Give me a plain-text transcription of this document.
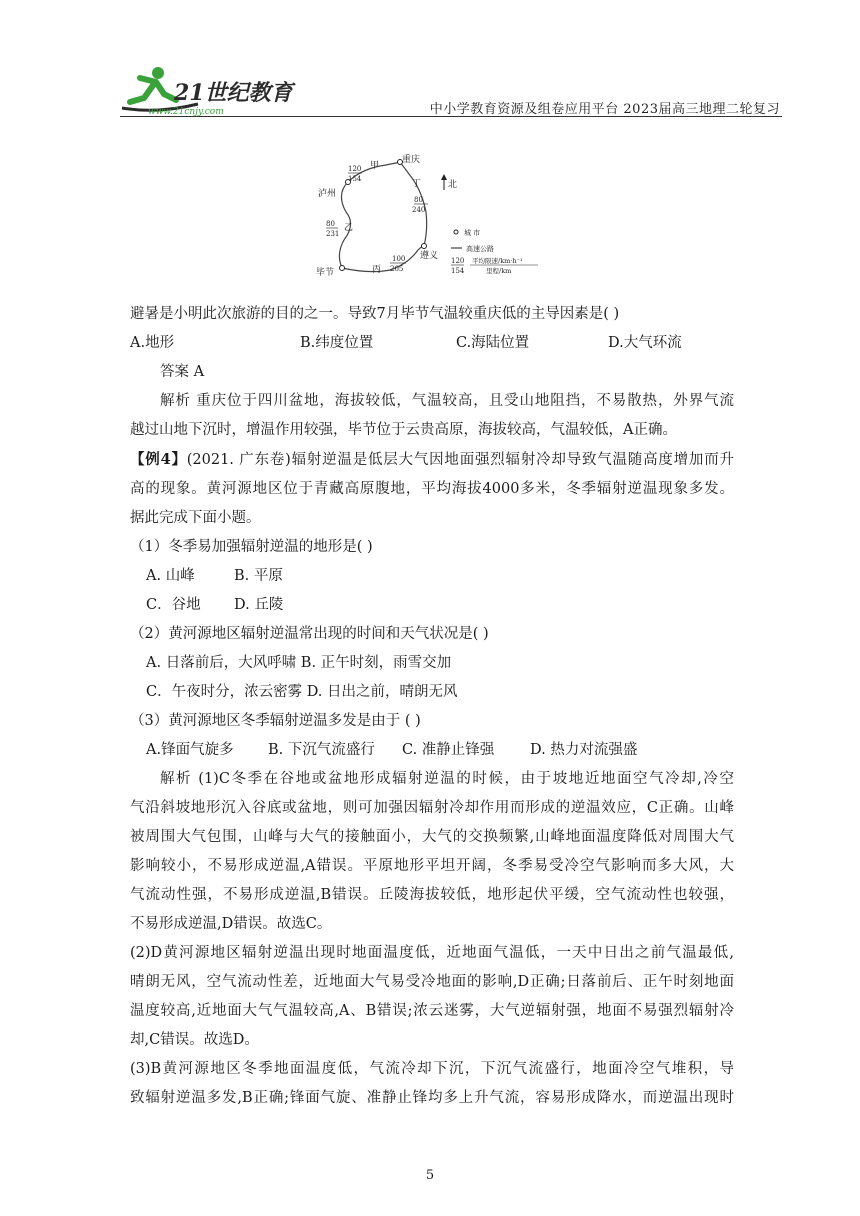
21世纪教育
www.21cnjy.com	中小学教育资源及组卷应用平台 2023届高三地理二轮复习
重庆
泸州
遵义
毕节
甲
丁
乙
丙
120
154
80
240
80
231
100
205
北
城 市
高速公路
120
154
平均限速/km·h⁻¹
里程/km
避暑是小明此次旅游的目的之一。导致7月毕节气温较重庆低的主导因素是( )
A.地形	B.纬度位置	C.海陆位置	D.大气环流
答案 A
解析 重庆位于四川盆地，海拔较低，气温较高，且受山地阻挡，不易散热，外界气流
越过山地下沉时，增温作用较强，毕节位于云贵高原，海拔较高，气温较低，A正确。
【例4】(2021. 广东卷)辐射逆温是低层大气因地面强烈辐射冷却导致气温随高度增加而升
高的现象。黄河源地区位于青藏高原腹地，平均海拔4000多米，冬季辐射逆温现象多发。
据此完成下面小题。
（1）冬季易加强辐射逆温的地形是( )
A. 山峰	B. 平原
C．谷地	D. 丘陵
（2）黄河源地区辐射逆温常出现的时间和天气状况是( )
A. 日落前后，大风呼啸 B. 正午时刻，雨雪交加
C．午夜时分，浓云密雾 D. 日出之前，晴朗无风
（3）黄河源地区冬季辐射逆温多发是由于 ( )
A.锋面气旋多	B. 下沉气流盛行	C. 准静止锋强	D. 热力对流强盛
解析 (1)C冬季在谷地或盆地形成辐射逆温的时候，由于坡地近地面空气冷却,冷空
气沿斜坡地形沉入谷底或盆地，则可加强因辐射冷却作用而形成的逆温效应，C正确。山峰
被周围大气包围，山峰与大气的接触面小，大气的交换频繁,山峰地面温度降低对周围大气
影响较小，不易形成逆温,A错误。平原地形平坦开阔，冬季易受冷空气影响而多大风，大
气流动性强，不易形成逆温,B错误。丘陵海拔较低，地形起伏平缓，空气流动性也较强，
不易形成逆温,D错误。故选C。
(2)D黄河源地区辐射逆温出现时地面温度低，近地面气温低，一天中日出之前气温最低,
晴朗无风，空气流动性差，近地面大气易受冷地面的影响,D正确;日落前后、正午时刻地面
温度较高,近地面大气气温较高,A、B错误;浓云迷雾，大气逆辐射强，地面不易强烈辐射冷
却,C错误。故选D。
(3)B黄河源地区冬季地面温度低，气流冷却下沉，下沉气流盛行，地面冷空气堆积，导
致辐射逆温多发,B正确;锋面气旋、准静止锋均多上升气流，容易形成降水，而逆温出现时
5
